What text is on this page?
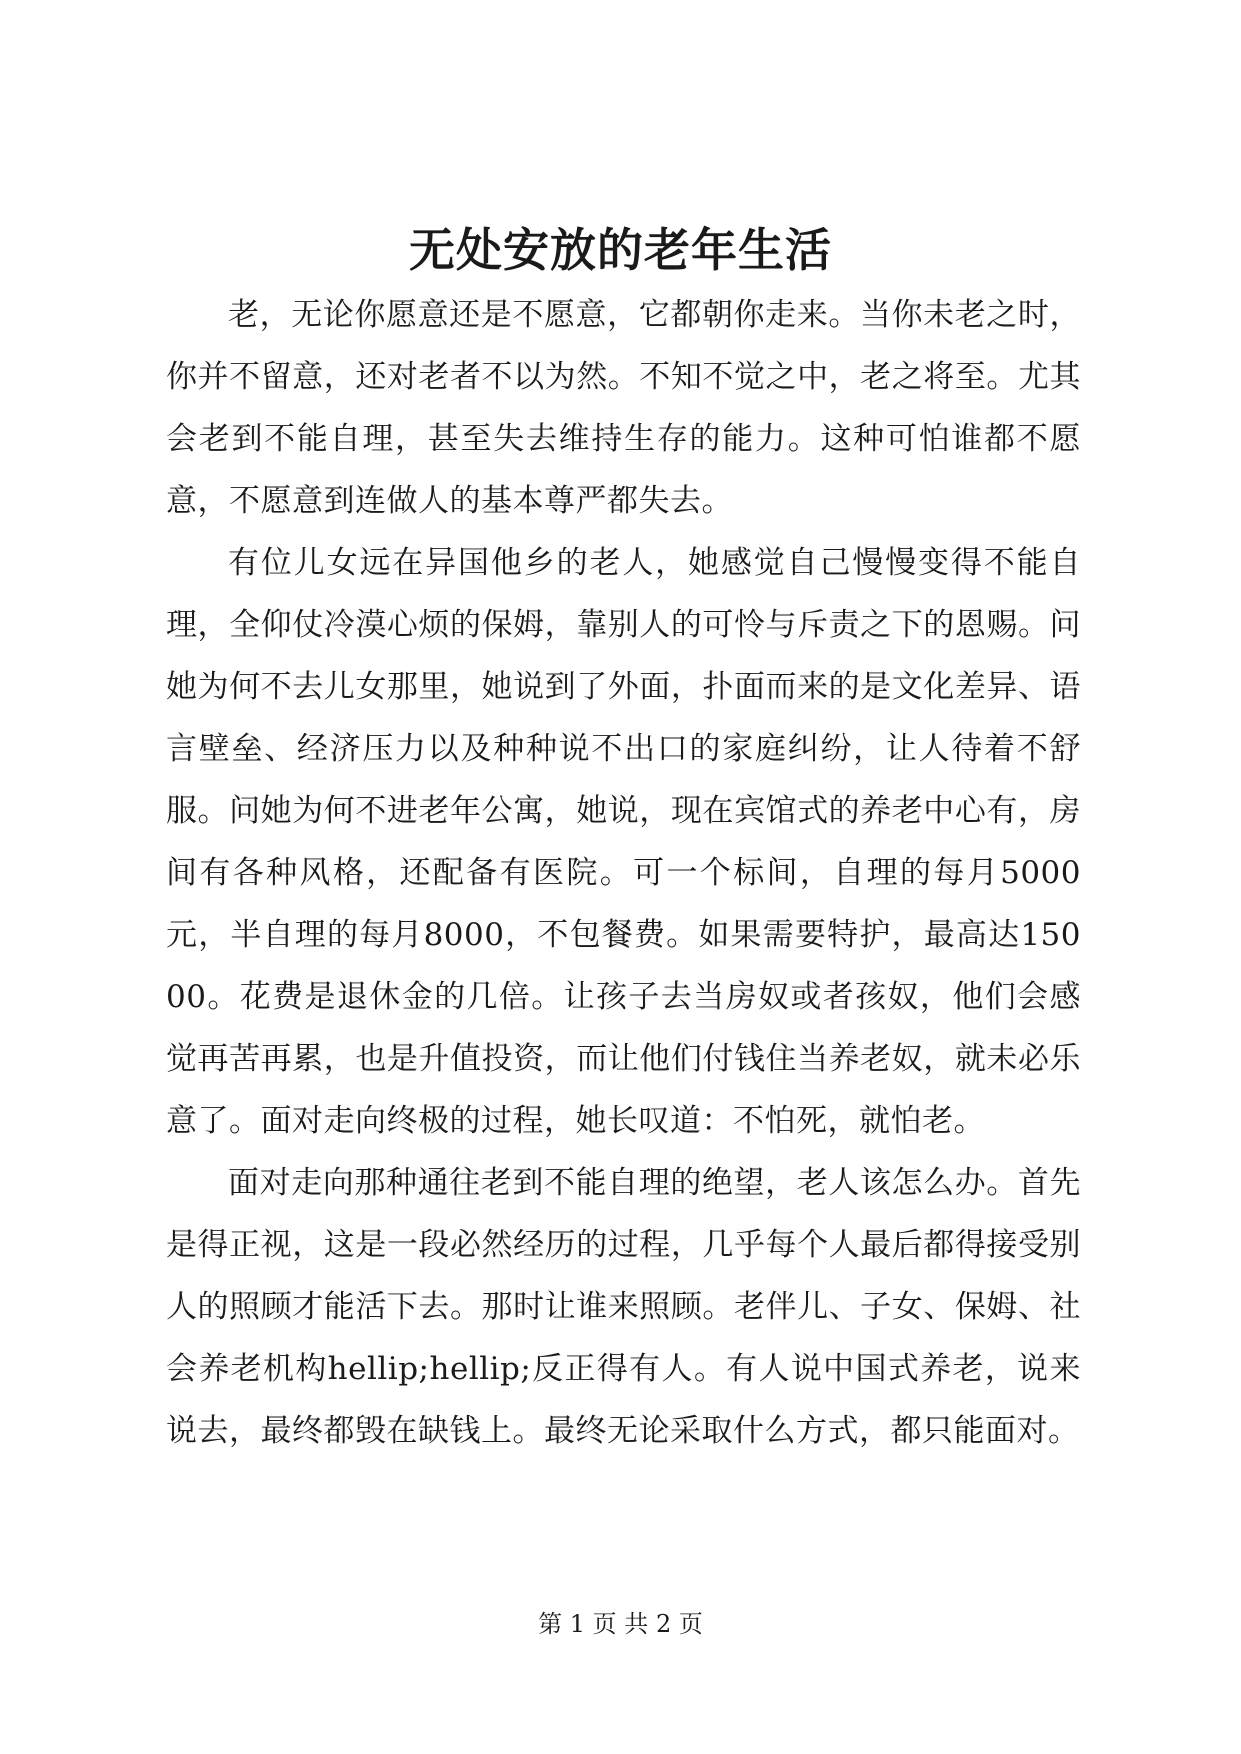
无处安放的老年生活

老，无论你愿意还是不愿意，它都朝你走来。当你未老之时，你并不留意，还对老者不以为然。不知不觉之中，老之将至。尤其会老到不能自理，甚至失去维持生存的能力。这种可怕谁都不愿意，不愿意到连做人的基本尊严都失去。

有位儿女远在异国他乡的老人，她感觉自己慢慢变得不能自理，全仰仗冷漠心烦的保姆，靠别人的可怜与斥责之下的恩赐。问她为何不去儿女那里，她说到了外面，扑面而来的是文化差异、语言壁垒、经济压力以及种种说不出口的家庭纠纷，让人待着不舒服。问她为何不进老年公寓，她说，现在宾馆式的养老中心有，房间有各种风格，还配备有医院。可一个标间，自理的每月5000元，半自理的每月8000，不包餐费。如果需要特护，最高达15000。花费是退休金的几倍。让孩子去当房奴或者孩奴，他们会感觉再苦再累，也是升值投资，而让他们付钱住当养老奴，就未必乐意了。面对走向终极的过程，她长叹道：不怕死，就怕老。

面对走向那种通往老到不能自理的绝望，老人该怎么办。首先是得正视，这是一段必然经历的过程，几乎每个人最后都得接受别人的照顾才能活下去。那时让谁来照顾。老伴儿、子女、保姆、社会养老机构hellip;hellip;反正得有人。有人说中国式养老，说来说去，最终都毁在缺钱上。最终无论采取什么方式，都只能面对。

第 1 页 共 2 页
